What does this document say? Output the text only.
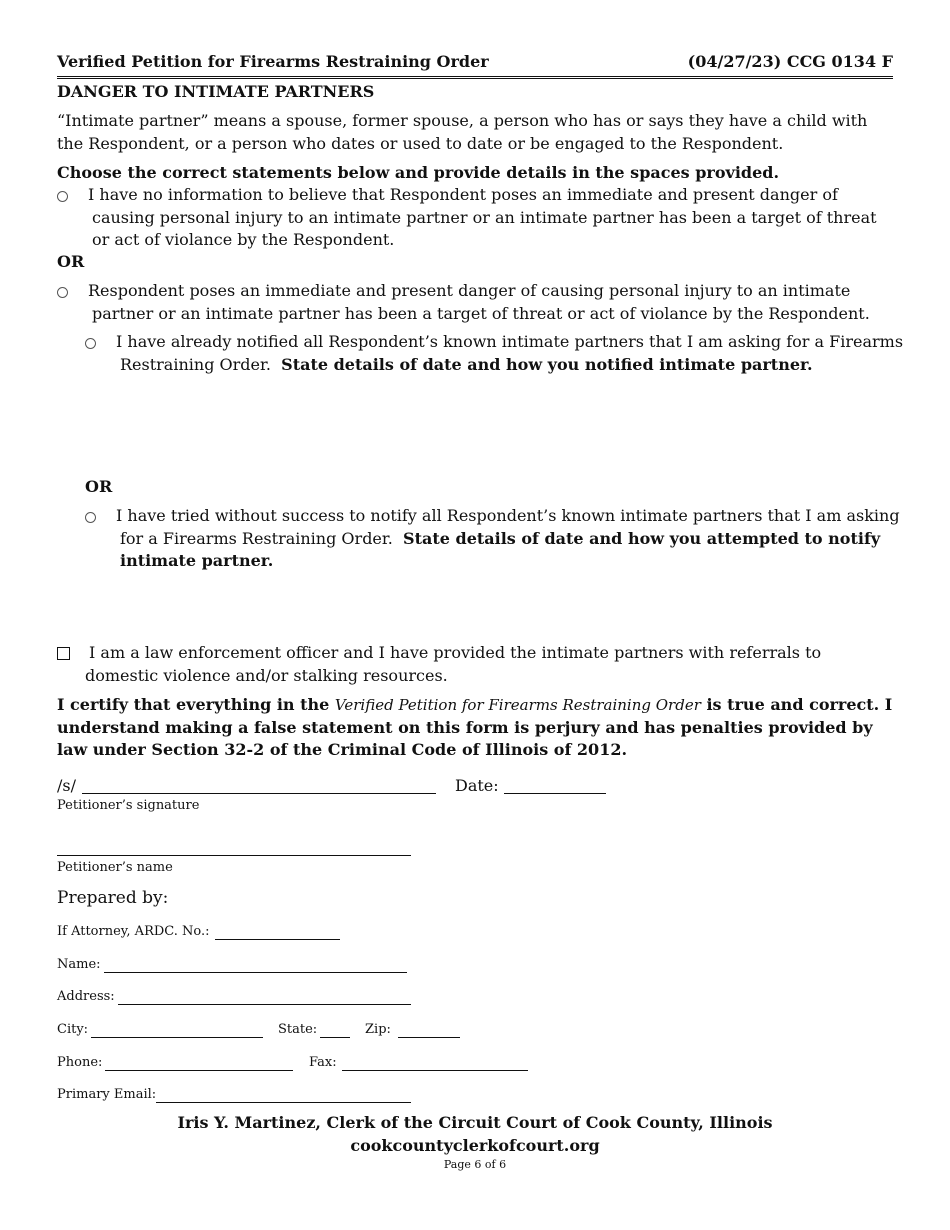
Verified Petition for Firearms Restraining Order	(04/27/23) CCG 0134 F
DANGER TO INTIMATE PARTNERS
“Intimate partner” means a spouse, former spouse, a person who has or says they have a child with the Respondent, or a person who dates or used to date or be engaged to the Respondent.
Choose the correct statements below and provide details in the spaces provided.
I have no information to believe that Respondent poses an immediate and present danger of causing personal injury to an intimate partner or an intimate partner has been a target of threat or act of violance by the Respondent.
OR
Respondent poses an immediate and present danger of causing personal injury to an intimate partner or an intimate partner has been a target of threat or act of violance by the Respondent.
I have already notified all Respondent’s known intimate partners that I am asking for a Firearms Restraining Order. State details of date and how you notified intimate partner.
OR
I have tried without success to notify all Respondent’s known intimate partners that I am asking for a Firearms Restraining Order. State details of date and how you attempted to notify intimate partner.
I am a law enforcement officer and I have provided the intimate partners with referrals to domestic violence and/or stalking resources.
I certify that everything in the Verified Petition for Firearms Restraining Order is true and correct. I understand making a false statement on this form is perjury and has penalties provided by law under Section 32-2 of the Criminal Code of Illinois of 2012.
/s/	Date:
Petitioner’s signature
Petitioner’s name
Prepared by:
If Attorney, ARDC. No.:
Name:
Address:
City:	State:	Zip:
Phone:	Fax:
Primary Email:
Iris Y. Martinez, Clerk of the Circuit Court of Cook County, Illinois
cookcountyclerkofcourt.org
Page 6 of 6
